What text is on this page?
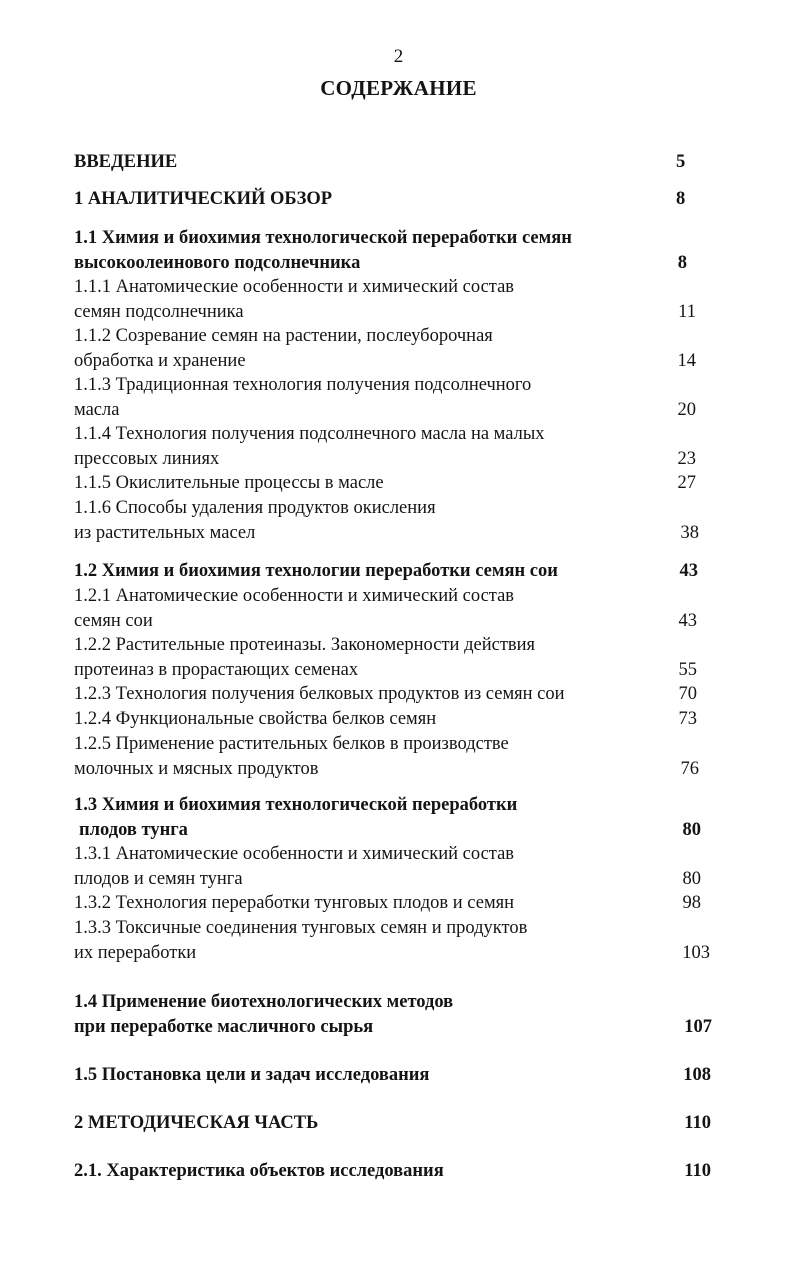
2
СОДЕРЖАНИЕ
ВВЕДЕНИЕ	5
1 АНАЛИТИЧЕСКИЙ ОБЗОР	8
1.1 Химия и биохимия технологической переработки семян
высокоолеинового подсолнечника	8
1.1.1 Анатомические особенности и химический состав
семян подсолнечника	11
1.1.2 Созревание семян на растении, послеуборочная
обработка и хранение	14
1.1.3 Традиционная технология получения подсолнечного
масла	20
1.1.4 Технология получения подсолнечного масла на малых
прессовых линиях	23
1.1.5 Окислительные процессы в масле	27
1.1.6 Способы удаления продуктов окисления
из растительных масел	38
1.2 Химия и биохимия технологии переработки семян сои	43
1.2.1 Анатомические особенности и химический состав
семян сои	43
1.2.2 Растительные протеиназы. Закономерности действия
протеиназ в прорастающих семенах	55
1.2.3 Технология получения белковых продуктов из семян сои	70
1.2.4 Функциональные свойства белков семян	73
1.2.5 Применение растительных белков в производстве
молочных и мясных продуктов	76
1.3 Химия и биохимия технологической переработки
плодов тунга	80
1.3.1 Анатомические особенности и химический состав
плодов и семян тунга	80
1.3.2 Технология переработки тунговых плодов и семян	98
1.3.3 Токсичные соединения тунговых семян и продуктов
их переработки	103
1.4 Применение биотехнологических методов
при переработке масличного сырья	107
1.5 Постановка цели и задач исследования	108
2 МЕТОДИЧЕСКАЯ ЧАСТЬ	110
2.1. Характеристика объектов исследования	110
